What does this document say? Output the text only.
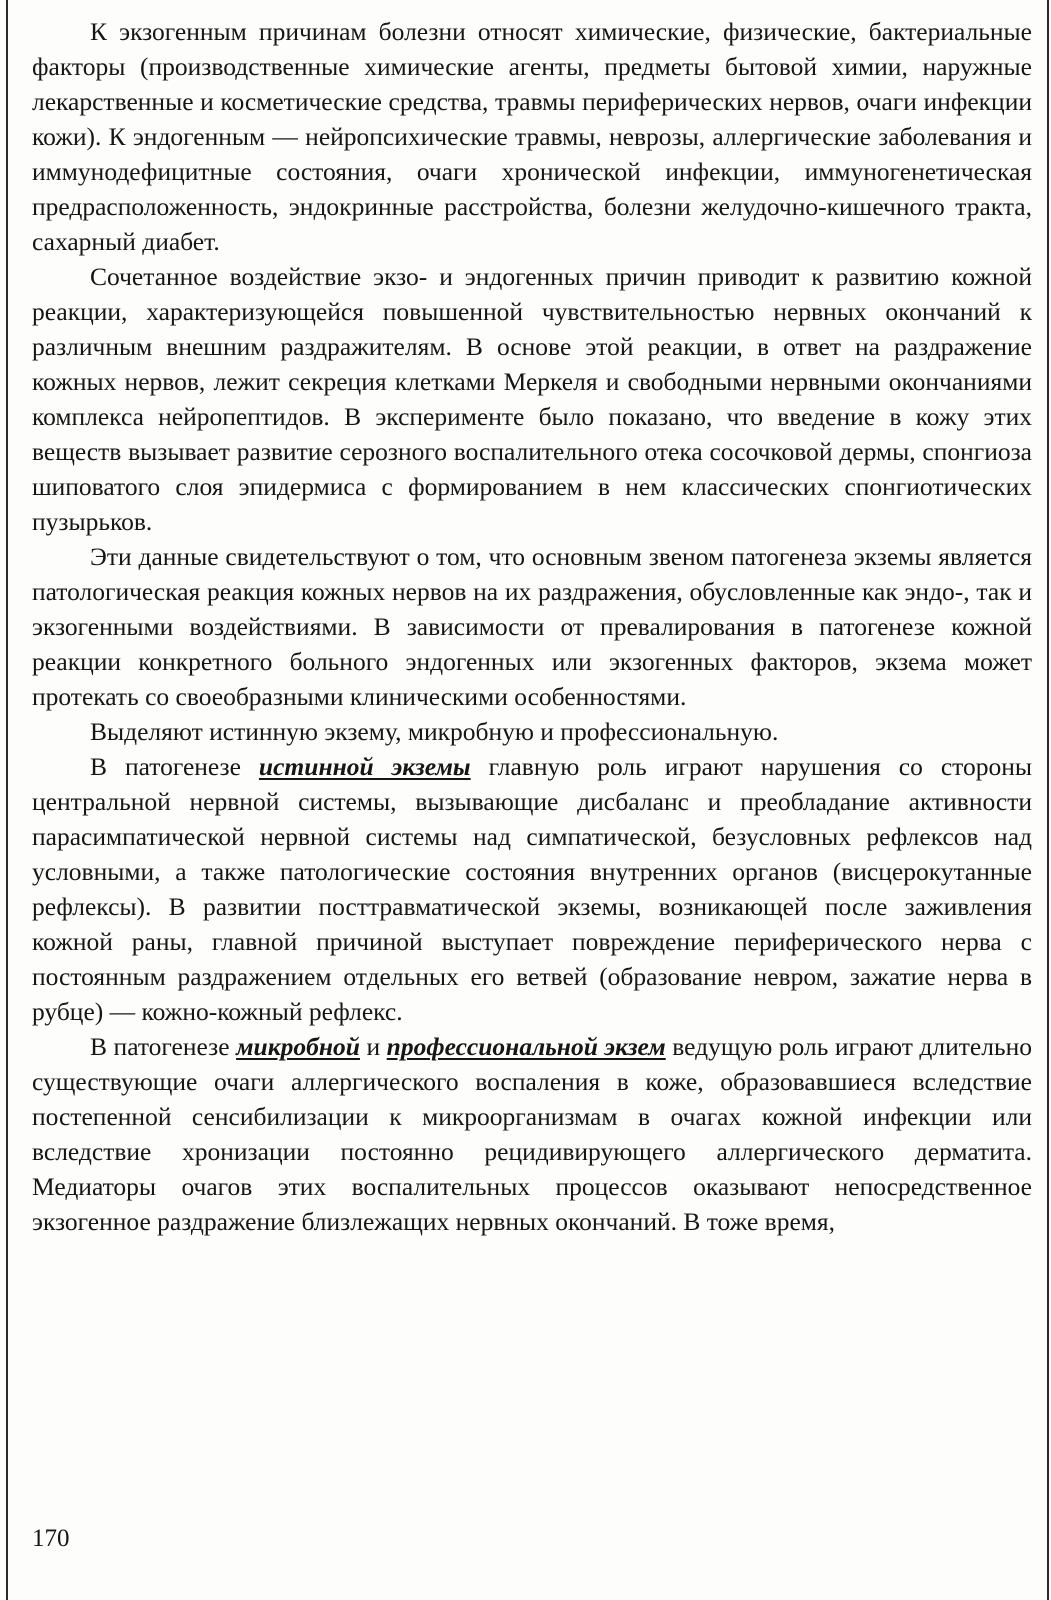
К экзогенным причинам болезни относят химические, физические, бактериальные факторы (производственные химические агенты, предметы бытовой химии, наружные лекарственные и косметические средства, травмы периферических нервов, очаги инфекции кожи). К эндогенным — нейропсихические травмы, неврозы, аллергические заболевания и иммунодефицитные состояния, очаги хронической инфекции, иммуногенетическая предрасположенность, эндокринные расстройства, болезни желудочно-кишечного тракта, сахарный диабет.

Сочетанное воздействие экзо- и эндогенных причин приводит к развитию кожной реакции, характеризующейся повышенной чувствительностью нервных окончаний к различным внешним раздражителям. В основе этой реакции, в ответ на раздражение кожных нервов, лежит секреция клетками Меркеля и свободными нервными окончаниями комплекса нейропептидов. В эксперименте было показано, что введение в кожу этих веществ вызывает развитие серозного воспалительного отека сосочковой дермы, спонгиоза шиповатого слоя эпидермиса с формированием в нем классических спонгиотических пузырьков.

Эти данные свидетельствуют о том, что основным звеном патогенеза экземы является патологическая реакция кожных нервов на их раздражения, обусловленные как эндо-, так и экзогенными воздействиями. В зависимости от превалирования в патогенезе кожной реакции конкретного больного эндогенных или экзогенных факторов, экзема может протекать со своеобразными клиническими особенностями.

Выделяют истинную экзему, микробную и профессиональную.

В патогенезе истинной экземы главную роль играют нарушения со стороны центральной нервной системы, вызывающие дисбаланс и преобладание активности парасимпатической нервной системы над симпатической, безусловных рефлексов над условными, а также патологические состояния внутренних органов (висцерокутанные рефлексы). В развитии посттравматической экземы, возникающей после заживления кожной раны, главной причиной выступает повреждение периферического нерва с постоянным раздражением отдельных его ветвей (образование невром, зажатие нерва в рубце) — кожно-кожный рефлекс.

В патогенезе микробной и профессиональной экзем ведущую роль играют длительно существующие очаги аллергического воспаления в коже, образовавшиеся вследствие постепенной сенсибилизации к микроорганизмам в очагах кожной инфекции или вследствие хронизации постоянно рецидивирующего аллергического дерматита. Медиаторы очагов этих воспалительных процессов оказывают непосредственное экзогенное раздражение близлежащих нервных окончаний. В тоже время,

170
